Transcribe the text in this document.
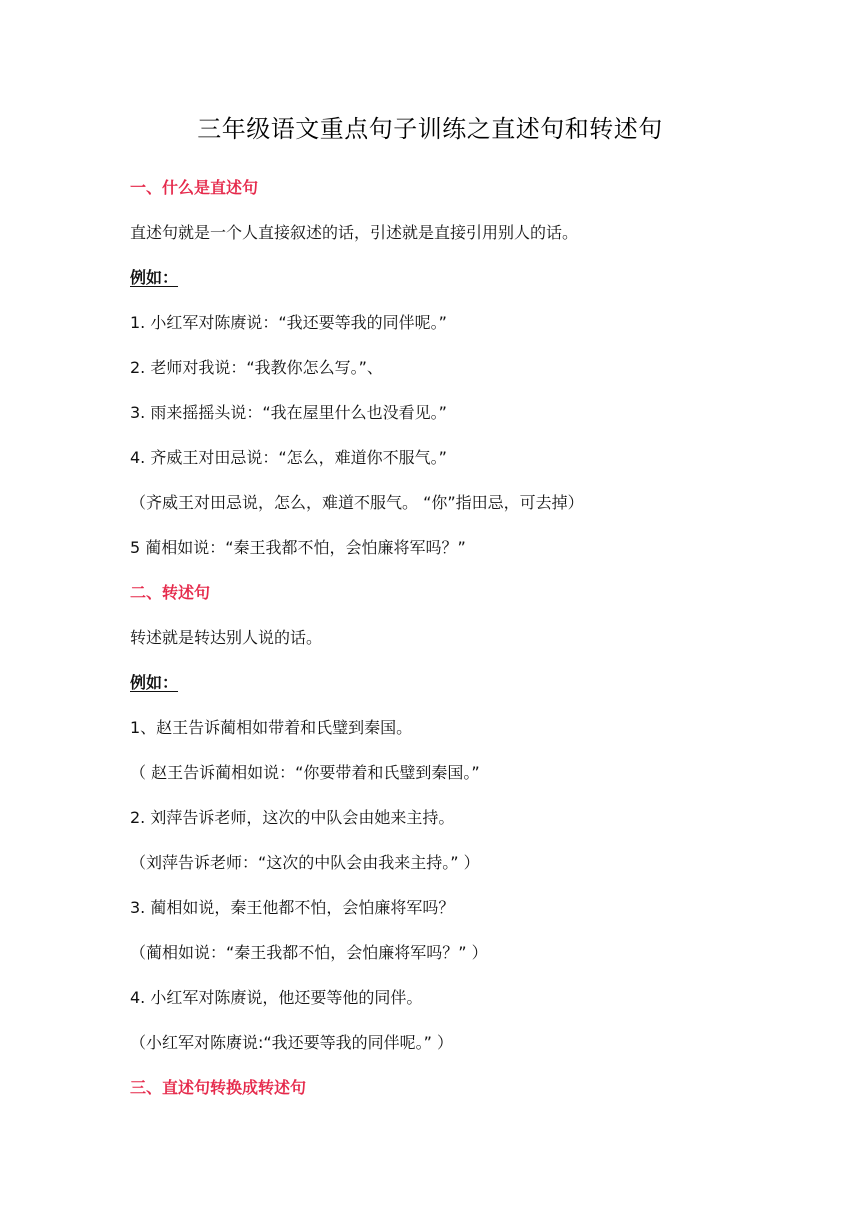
三年级语文重点句子训练之直述句和转述句
一、什么是直述句
直述句就是一个人直接叙述的话，引述就是直接引用别人的话。
例如：
1. 小红军对陈赓说：“我还要等我的同伴呢。”
2. 老师对我说：“我教你怎么写。”、
3. 雨来摇摇头说：“我在屋里什么也没看见。”
4. 齐威王对田忌说：“怎么，难道你不服气。”
（齐威王对田忌说，怎么，难道不服气。 “你”指田忌，可去掉）
5 蔺相如说：“秦王我都不怕，会怕廉将军吗？”
二、转述句
转述就是转达别人说的话。
例如：
1、赵王告诉蔺相如带着和氏璧到秦国。
（ 赵王告诉蔺相如说：“你要带着和氏璧到秦国。”
2. 刘萍告诉老师，这次的中队会由她来主持。
（刘萍告诉老师：“这次的中队会由我来主持。” ）
3. 蔺相如说，秦王他都不怕，会怕廉将军吗？
（蔺相如说：“秦王我都不怕，会怕廉将军吗？” ）
4. 小红军对陈赓说，他还要等他的同伴。
（小红军对陈赓说:“我还要等我的同伴呢。” ）
三、直述句转换成转述句
